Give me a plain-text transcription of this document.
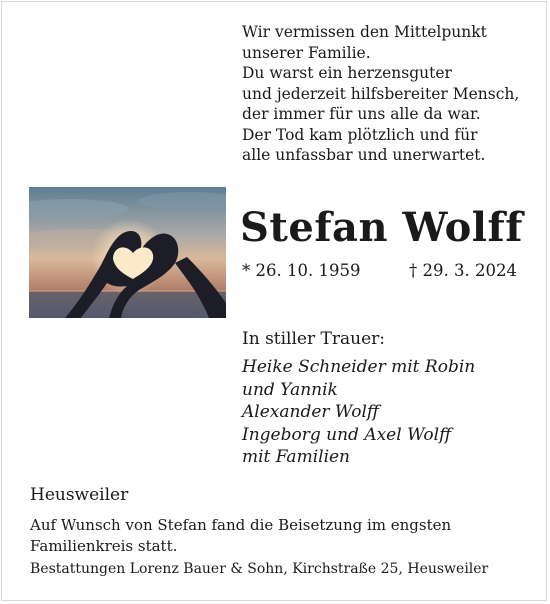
Wir vermissen den Mittelpunkt
unserer Familie.
Du warst ein herzensguter
und jederzeit hilfsbereiter Mensch,
der immer für uns alle da war.
Der Tod kam plötzlich und für
alle unfassbar und unerwartet.
Stefan Wolff
* 26. 10. 1959	† 29. 3. 2024
In stiller Trauer:
Heike Schneider mit Robin
und Yannik
Alexander Wolff
Ingeborg und Axel Wolff
mit Familien
Heusweiler
Auf Wunsch von Stefan fand die Beisetzung im engsten
Familienkreis statt.
Bestattungen Lorenz Bauer & Sohn, Kirchstraße 25, Heusweiler
